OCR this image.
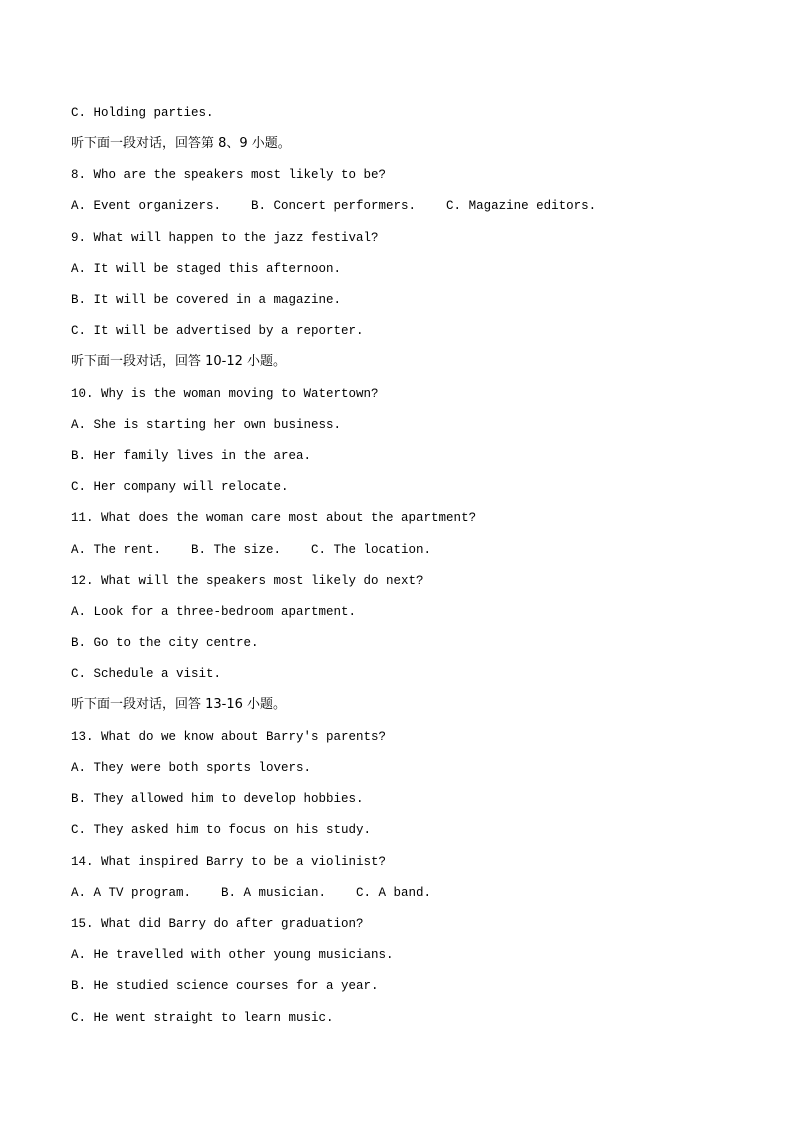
C. Holding parties.
听下面一段对话，回答第 8、9 小题。
8. Who are the speakers most likely to be?
A. Event organizers.    B. Concert performers.    C. Magazine editors.
9. What will happen to the jazz festival?
A. It will be staged this afternoon.
B. It will be covered in a magazine.
C. It will be advertised by a reporter.
听下面一段对话，回答 10-12 小题。
10. Why is the woman moving to Watertown?
A. She is starting her own business.
B. Her family lives in the area.
C. Her company will relocate.
11. What does the woman care most about the apartment?
A. The rent.    B. The size.    C. The location.
12. What will the speakers most likely do next?
A. Look for a three-bedroom apartment.
B. Go to the city centre.
C. Schedule a visit.
听下面一段对话，回答 13-16 小题。
13. What do we know about Barry's parents?
A. They were both sports lovers.
B. They allowed him to develop hobbies.
C. They asked him to focus on his study.
14. What inspired Barry to be a violinist?
A. A TV program.    B. A musician.    C. A band.
15. What did Barry do after graduation?
A. He travelled with other young musicians.
B. He studied science courses for a year.
C. He went straight to learn music.
